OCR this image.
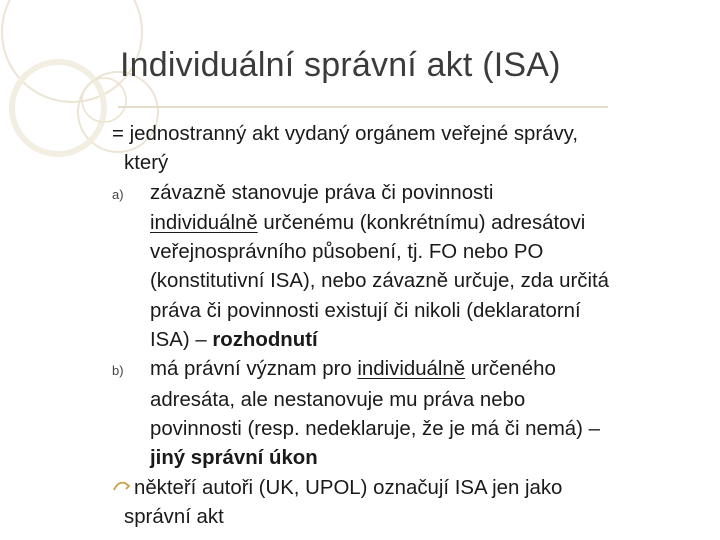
Individuální správní akt (ISA)
= jednostranný akt vydaný orgánem veřejné správy,
který
a) závazně stanovuje práva či povinnosti
individuálně určenému (konkrétnímu) adresátovi
veřejnosprávního působení, tj. FO nebo PO
(konstitutivní ISA), nebo závazně určuje, zda určitá
práva či povinnosti existují či nikoli (deklaratorní
ISA) – rozhodnutí
b) má právní význam pro individuálně určeného
adresáta, ale nestanovuje mu práva nebo
povinnosti (resp. nedeklaruje, že je má či nemá) –
jiný správní úkon
někteří autoři (UK, UPOL) označují ISA jen jako
správní akt
